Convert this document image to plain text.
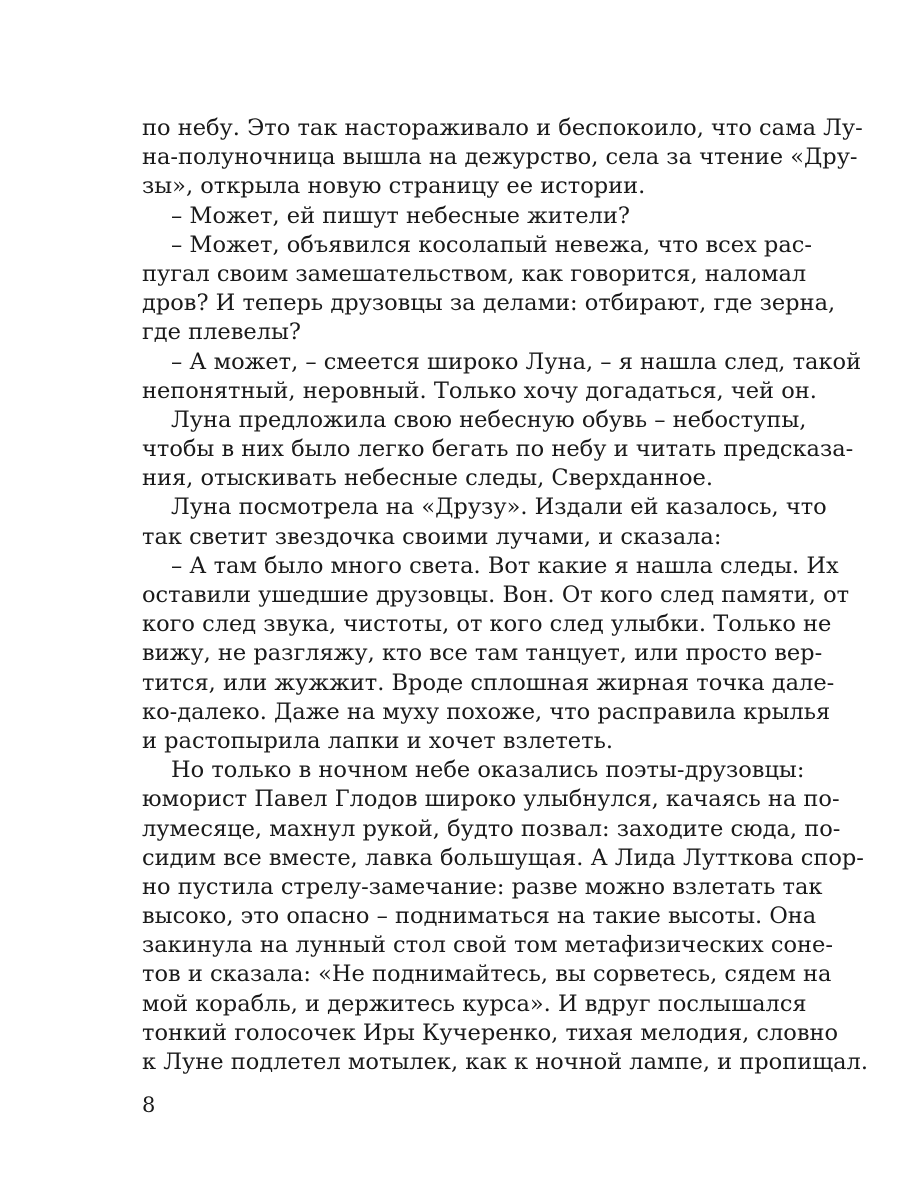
по небу. Это так настораживало и беспокоило, что сама Лу-
на-полуночница вышла на дежурство, села за чтение «Дру-
зы», открыла новую страницу ее истории.
– Может, ей пишут небесные жители?
– Может, объявился косолапый невежа, что всех рас-
пугал своим замешательством, как говорится, наломал
дров? И теперь друзовцы за делами: отбирают, где зерна,
где плевелы?
– А может, – смеется широко Луна, – я нашла след, такой
непонятный, неровный. Только хочу догадаться, чей он.
Луна предложила свою небесную обувь – небоступы,
чтобы в них было легко бегать по небу и читать предсказа-
ния, отыскивать небесные следы, Сверхданное.
Луна посмотрела на «Друзу». Издали ей казалось, что
так светит звездочка своими лучами, и сказала:
– А там было много света. Вот какие я нашла следы. Их
оставили ушедшие друзовцы. Вон. От кого след памяти, от
кого след звука, чистоты, от кого след улыбки. Только не
вижу, не разгляжу, кто все там танцует, или просто вер-
тится, или жужжит. Вроде сплошная жирная точка дале-
ко-далеко. Даже на муху похоже, что расправила крылья
и растопырила лапки и хочет взлететь.
Но только в ночном небе оказались поэты-друзовцы:
юморист Павел Глодов широко улыбнулся, качаясь на по-
лумесяце, махнул рукой, будто позвал: заходите сюда, по-
сидим все вместе, лавка большущая. А Лида Лутткова спор-
но пустила стрелу-замечание: разве можно взлетать так
высоко, это опасно – подниматься на такие высоты. Она
закинула на лунный стол свой том метафизических соне-
тов и сказала: «Не поднимайтесь, вы сорветесь, сядем на
мой корабль, и держитесь курса». И вдруг послышался
тонкий голосочек Иры Кучеренко, тихая мелодия, словно
к Луне подлетел мотылек, как к ночной лампе, и пропищал.
8
